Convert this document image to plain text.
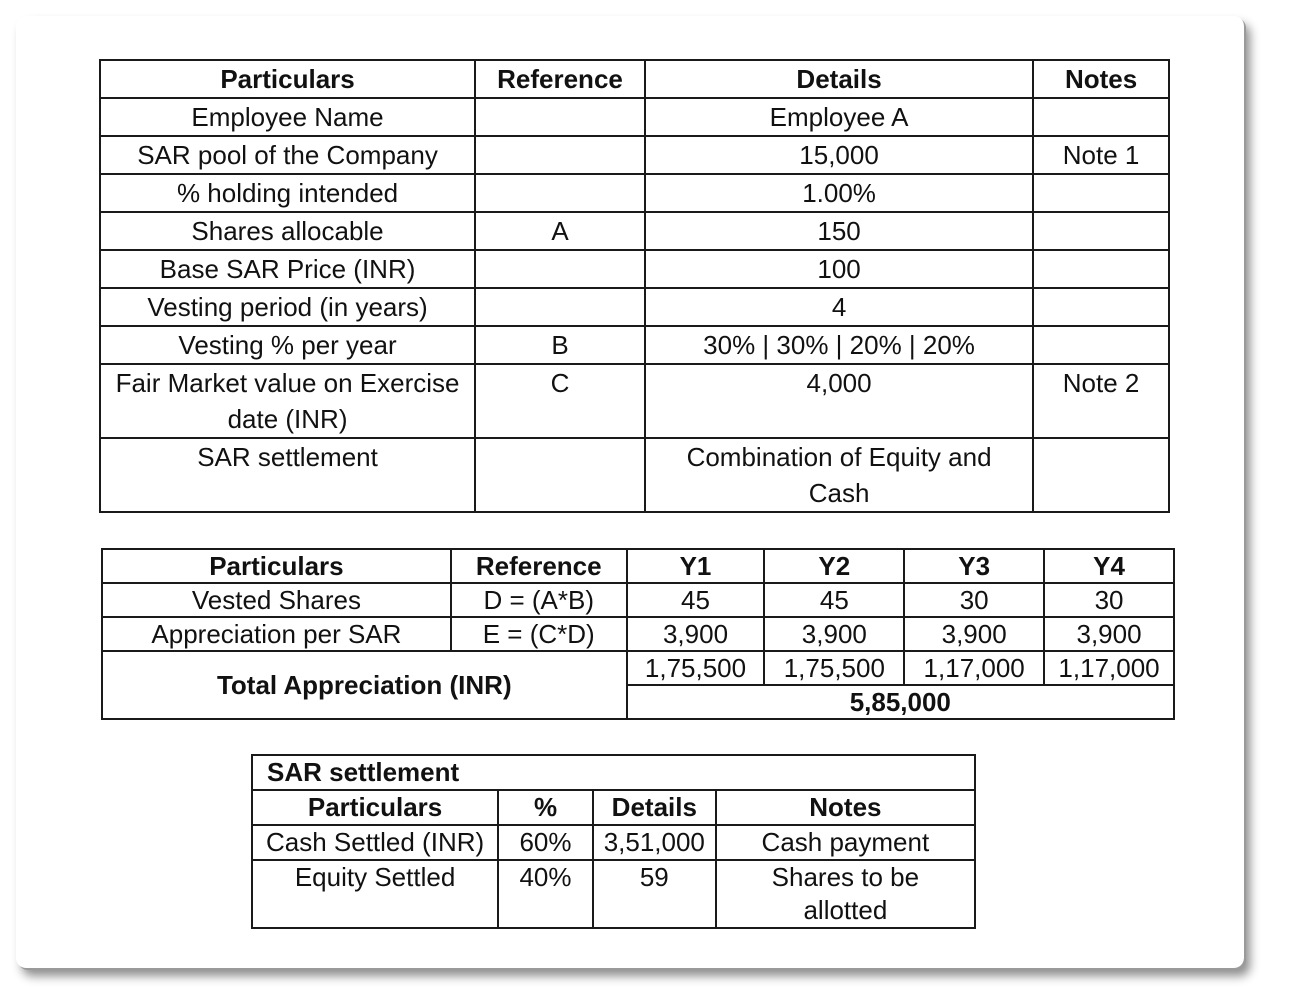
Particulars	Reference	Details	Notes
Employee Name		Employee A	
SAR pool of the Company		15,000	Note 1
% holding intended		1.00%	
Shares allocable	A	150	
Base SAR Price (INR)		100	
Vesting period (in years)		4	
Vesting % per year	B	30% | 30% | 20% | 20%	
Fair Market value on Exercise date (INR)	C	4,000	Note 2
SAR settlement		Combination of Equity and Cash	
Particulars	Reference	Y1	Y2	Y3	Y4
Vested Shares	D = (A*B)	45	45	30	30
Appreciation per SAR	E = (C*D)	3,900	3,900	3,900	3,900
Total Appreciation (INR)		1,75,500	1,75,500	1,17,000	1,17,000
		5,85,000			
SAR settlement			
Particulars	%	Details	Notes
Cash Settled (INR)	60%	3,51,000	Cash payment
Equity Settled	40%	59	Shares to be allotted
